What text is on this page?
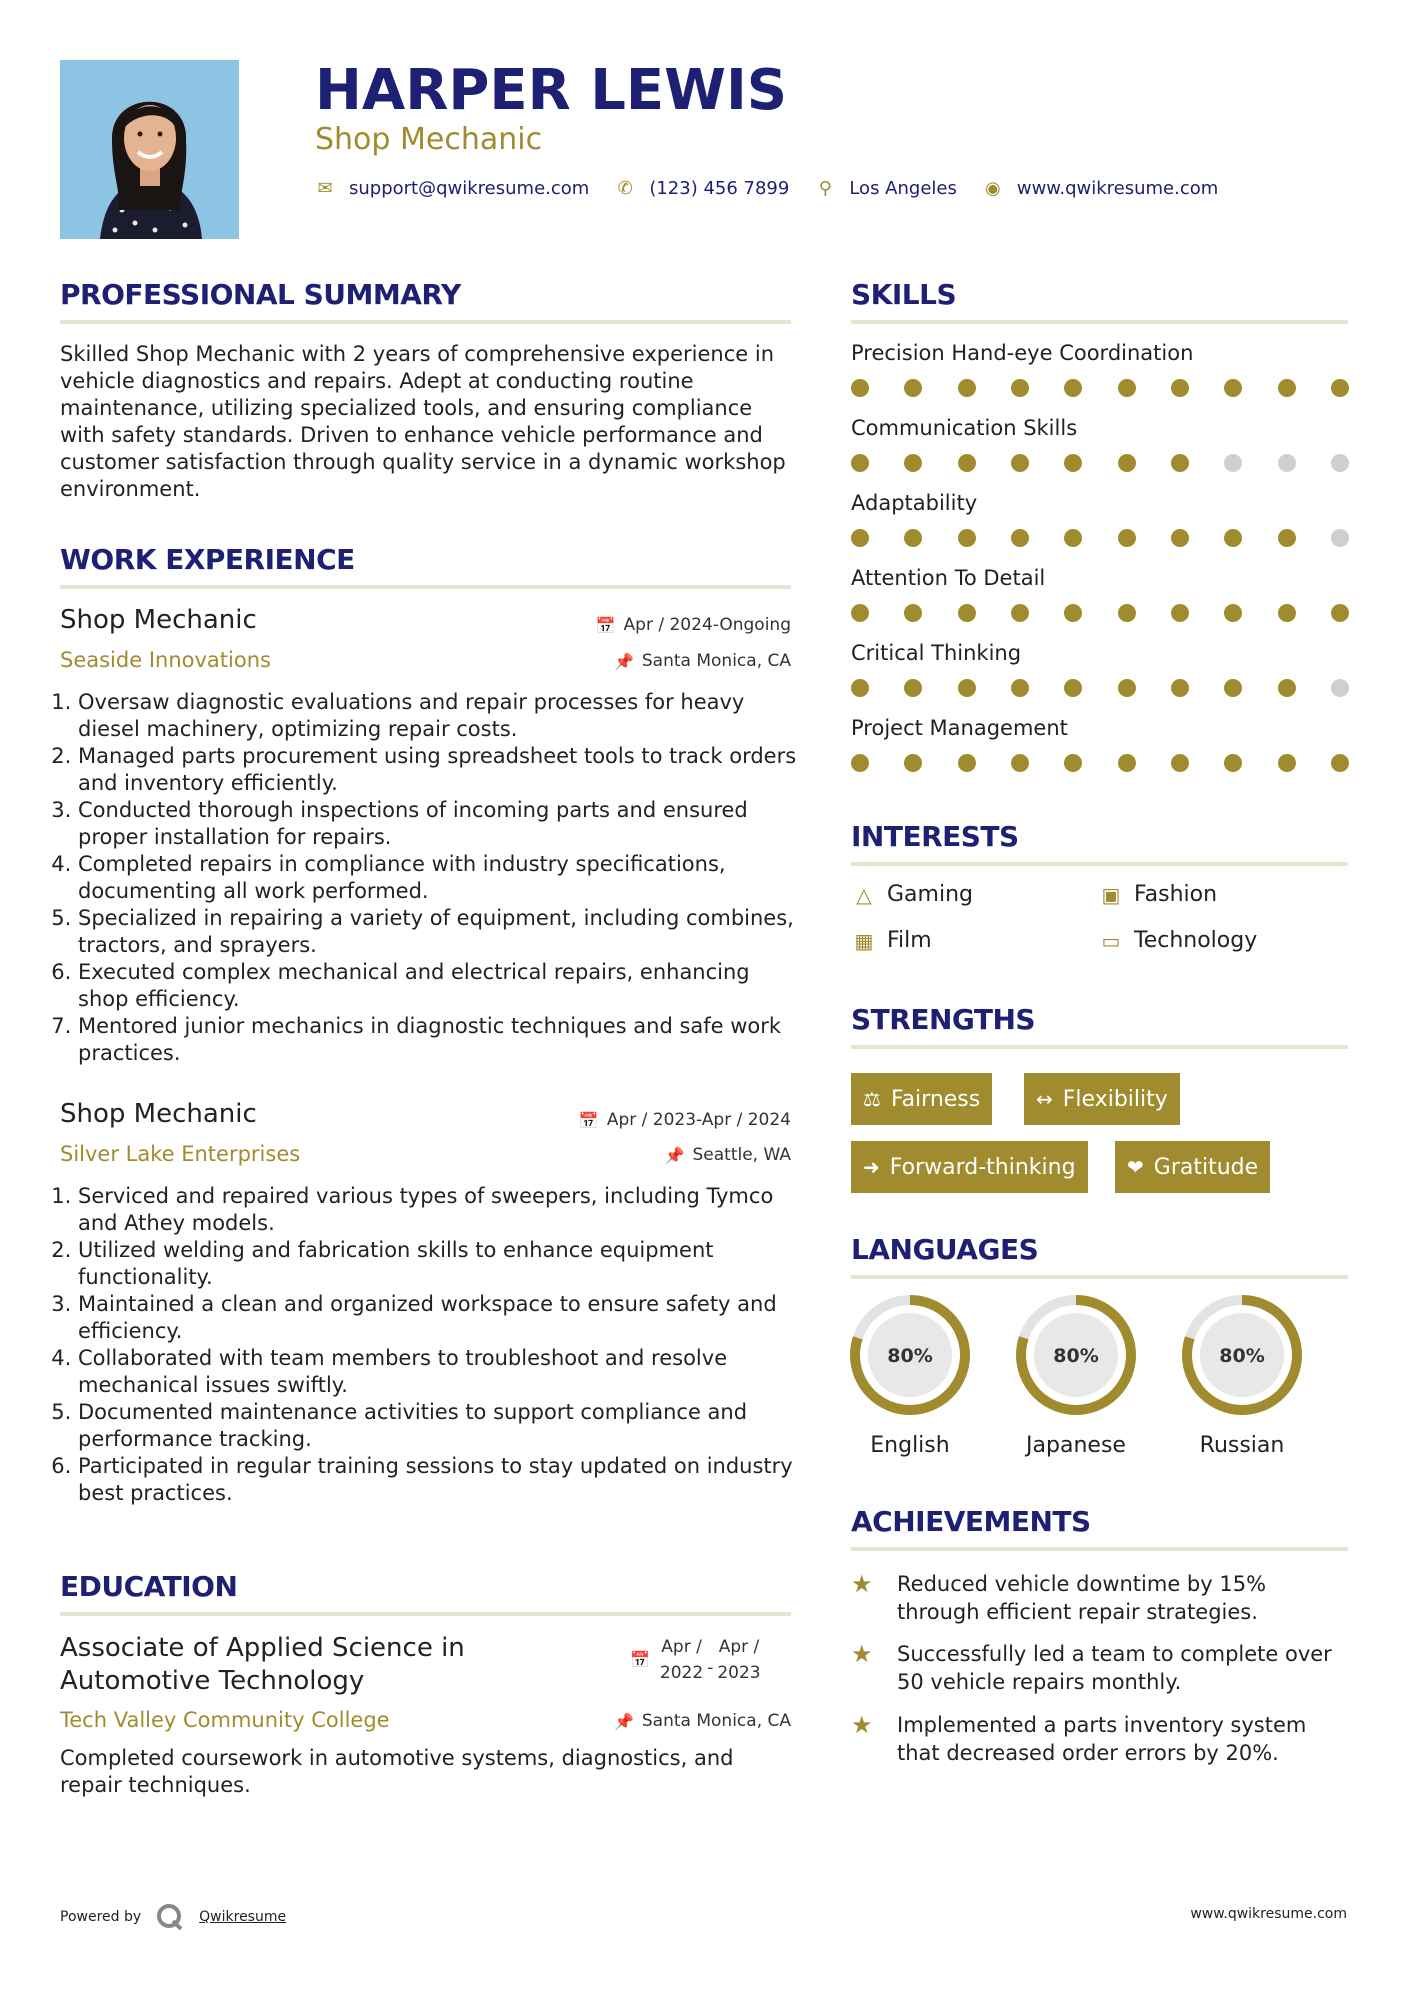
HARPER LEWIS
Shop Mechanic
✉ support@qwikresume.com ✆ (123) 456 7899 ⚲ Los Angeles ◉ www.qwikresume.com
PROFESSIONAL SUMMARY
Skilled Shop Mechanic with 2 years of comprehensive experience in vehicle diagnostics and repairs. Adept at conducting routine maintenance, utilizing specialized tools, and ensuring compliance with safety standards. Driven to enhance vehicle performance and customer satisfaction through quality service in a dynamic workshop environment.
WORK EXPERIENCE
Shop Mechanic	📅 Apr / 2024-Ongoing
Seaside Innovations	📌 Santa Monica, CA
1. Oversaw diagnostic evaluations and repair processes for heavy diesel machinery, optimizing repair costs.
2. Managed parts procurement using spreadsheet tools to track orders and inventory efficiently.
3. Conducted thorough inspections of incoming parts and ensured proper installation for repairs.
4. Completed repairs in compliance with industry specifications, documenting all work performed.
5. Specialized in repairing a variety of equipment, including combines, tractors, and sprayers.
6. Executed complex mechanical and electrical repairs, enhancing shop efficiency.
7. Mentored junior mechanics in diagnostic techniques and safe work practices.
Shop Mechanic	📅 Apr / 2023-Apr / 2024
Silver Lake Enterprises	📌 Seattle, WA
1. Serviced and repaired various types of sweepers, including Tymco and Athey models.
2. Utilized welding and fabrication skills to enhance equipment functionality.
3. Maintained a clean and organized workspace to ensure safety and efficiency.
4. Collaborated with team members to troubleshoot and resolve mechanical issues swiftly.
5. Documented maintenance activities to support compliance and performance tracking.
6. Participated in regular training sessions to stay updated on industry best practices.
EDUCATION
Associate of Applied Science in
Automotive Technology
📅
Apr /
2022 -
Apr /
2023
Tech Valley Community College	📌 Santa Monica, CA
Completed coursework in automotive systems, diagnostics, and repair techniques.
SKILLS
Precision Hand-eye Coordination
Communication Skills
Adaptability
Attention To Detail
Critical Thinking
Project Management
INTERESTS
△ Gaming	▣ Fashion
▦ Film	▭ Technology
STRENGTHS
⚖ Fairness	↔ Flexibility
➜ Forward-thinking	❤ Gratitude
LANGUAGES
80%
English
80%
Japanese
80%
Russian
ACHIEVEMENTS
★	Reduced vehicle downtime by 15% through efficient repair strategies.
★	Successfully led a team to complete over 50 vehicle repairs monthly.
★	Implemented a parts inventory system that decreased order errors by 20%.
Powered by	Qwikresume	www.qwikresume.com
